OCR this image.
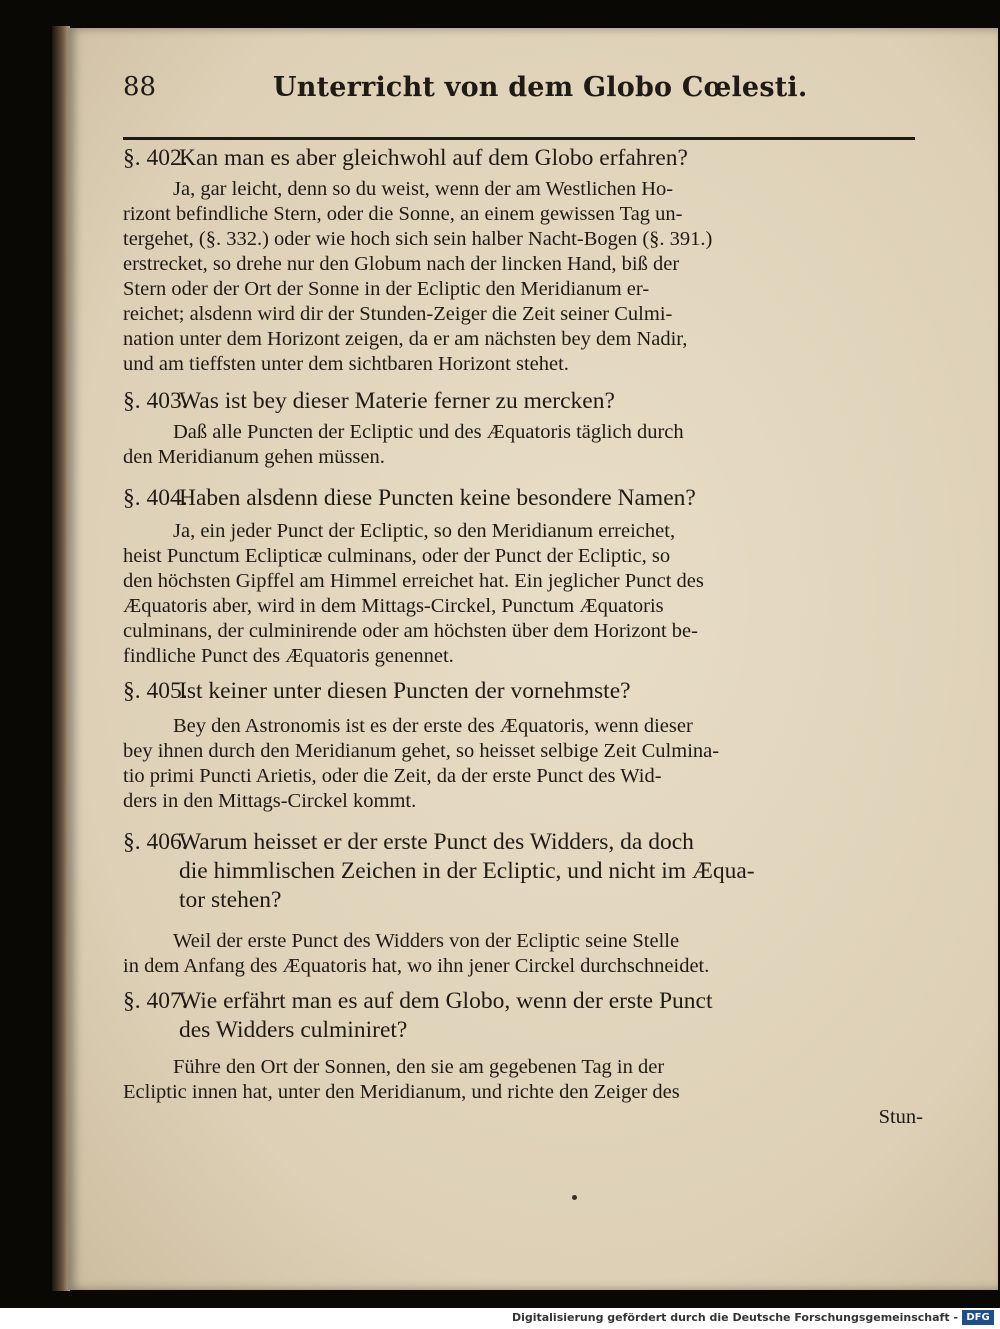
88	Unterricht von dem Globo Cœlesti.

§. 402.Kan man es aber gleichwohl auf dem Globo erfahren?

Ja, gar leicht, denn so du weist, wenn der am Westlichen Ho-

rizont befindliche Stern, oder die Sonne, an einem gewissen Tag un-

tergehet, (§. 332.) oder wie hoch sich sein halber Nacht-Bogen (§. 391.)

erstrecket, so drehe nur den Globum nach der lincken Hand, biß der

Stern oder der Ort der Sonne in der Ecliptic den Meridianum er-

reichet; alsdenn wird dir der Stunden-Zeiger die Zeit seiner Culmi-

nation unter dem Horizont zeigen, da er am nächsten bey dem Nadir,

und am tieffsten unter dem sichtbaren Horizont stehet.

§. 403.Was ist bey dieser Materie ferner zu mercken?

Daß alle Puncten der Ecliptic und des Æquatoris täglich durch

den Meridianum gehen müssen.

§. 404.Haben alsdenn diese Puncten keine besondere Namen?

Ja, ein jeder Punct der Ecliptic, so den Meridianum erreichet,

heist Punctum Eclipticæ culminans, oder der Punct der Ecliptic, so

den höchsten Gipffel am Himmel erreichet hat. Ein jeglicher Punct des

Æquatoris aber, wird in dem Mittags-Circkel, Punctum Æquatoris

culminans, der culminirende oder am höchsten über dem Horizont be-

findliche Punct des Æquatoris genennet.

§. 405.Ist keiner unter diesen Puncten der vornehmste?

Bey den Astronomis ist es der erste des Æquatoris, wenn dieser

bey ihnen durch den Meridianum gehet, so heisset selbige Zeit Culmina-

tio primi Puncti Arietis, oder die Zeit, da der erste Punct des Wid-

ders in den Mittags-Circkel kommt.

§. 406.Warum heisset er der erste Punct des Widders, da doch

die himmlischen Zeichen in der Ecliptic, und nicht im Æqua-

tor stehen?

Weil der erste Punct des Widders von der Ecliptic seine Stelle

in dem Anfang des Æquatoris hat, wo ihn jener Circkel durchschneidet.

§. 407.Wie erfährt man es auf dem Globo, wenn der erste Punct

des Widders culminiret?

Führe den Ort der Sonnen, den sie am gegebenen Tag in der

Ecliptic innen hat, unter den Meridianum, und richte den Zeiger des

Stun-

Digitalisierung gefördert durch die Deutsche Forschungsgemeinschaft - DFG
